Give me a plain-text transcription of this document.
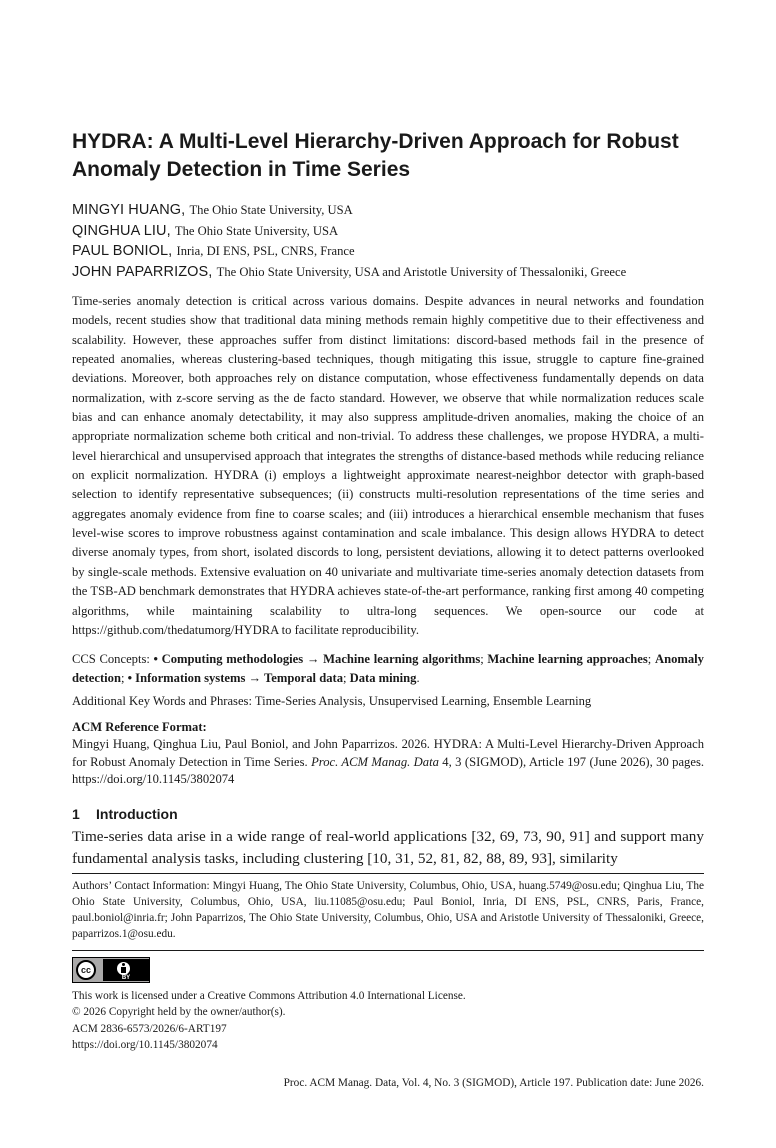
HYDRA: A Multi-Level Hierarchy-Driven Approach for Robust Anomaly Detection in Time Series
MINGYI HUANG, The Ohio State University, USA
QINGHUA LIU, The Ohio State University, USA
PAUL BONIOL, Inria, DI ENS, PSL, CNRS, France
JOHN PAPARRIZOS, The Ohio State University, USA and Aristotle University of Thessaloniki, Greece

Time-series anomaly detection is critical across various domains. Despite advances in neural networks and foundation models, recent studies show that traditional data mining methods remain highly competitive due to their effectiveness and scalability. However, these approaches suffer from distinct limitations: discord-based methods fail in the presence of repeated anomalies, whereas clustering-based techniques, though mitigating this issue, struggle to capture fine-grained deviations. Moreover, both approaches rely on distance computation, whose effectiveness fundamentally depends on data normalization, with z-score serving as the de facto standard. However, we observe that while normalization reduces scale bias and can enhance anomaly detectability, it may also suppress amplitude-driven anomalies, making the choice of an appropriate normalization scheme both critical and non-trivial. To address these challenges, we propose HYDRA, a multi-level hierarchical and unsupervised approach that integrates the strengths of distance-based methods while reducing reliance on explicit normalization. HYDRA (i) employs a lightweight approximate nearest-neighbor detector with graph-based selection to identify representative subsequences; (ii) constructs multi-resolution representations of the time series and aggregates anomaly evidence from fine to coarse scales; and (iii) introduces a hierarchical ensemble mechanism that fuses level-wise scores to improve robustness against contamination and scale imbalance. This design allows HYDRA to detect diverse anomaly types, from short, isolated discords to long, persistent deviations, allowing it to detect patterns overlooked by single-scale methods. Extensive evaluation on 40 univariate and multivariate time-series anomaly detection datasets from the TSB-AD benchmark demonstrates that HYDRA achieves state-of-the-art performance, ranking first among 40 competing algorithms, while maintaining scalability to ultra-long sequences. We open-source our code at https://github.com/thedatumorg/HYDRA to facilitate reproducibility.

CCS Concepts: • Computing methodologies → Machine learning algorithms; Machine learning approaches; Anomaly detection; • Information systems → Temporal data; Data mining.

Additional Key Words and Phrases: Time-Series Analysis, Unsupervised Learning, Ensemble Learning

ACM Reference Format:

Mingyi Huang, Qinghua Liu, Paul Boniol, and John Paparrizos. 2026. HYDRA: A Multi-Level Hierarchy-Driven Approach for Robust Anomaly Detection in Time Series. Proc. ACM Manag. Data 4, 3 (SIGMOD), Article 197 (June 2026), 30 pages. https://doi.org/10.1145/3802074

1 Introduction

Time-series data arise in a wide range of real-world applications [32, 69, 73, 90, 91] and support many fundamental analysis tasks, including clustering [10, 31, 52, 81, 82, 88, 89, 93], similarity

Authors’ Contact Information: Mingyi Huang, The Ohio State University, Columbus, Ohio, USA, huang.5749@osu.edu; Qinghua Liu, The Ohio State University, Columbus, Ohio, USA, liu.11085@osu.edu; Paul Boniol, Inria, DI ENS, PSL, CNRS, Paris, France, paul.boniol@inria.fr; John Paparrizos, The Ohio State University, Columbus, Ohio, USA and Aristotle University of Thessaloniki, Greece, paparrizos.1@osu.edu.

cc
BY
This work is licensed under a Creative Commons Attribution 4.0 International License.
© 2026 Copyright held by the owner/author(s).
ACM 2836-6573/2026/6-ART197
https://doi.org/10.1145/3802074
Proc. ACM Manag. Data, Vol. 4, No. 3 (SIGMOD), Article 197. Publication date: June 2026.
